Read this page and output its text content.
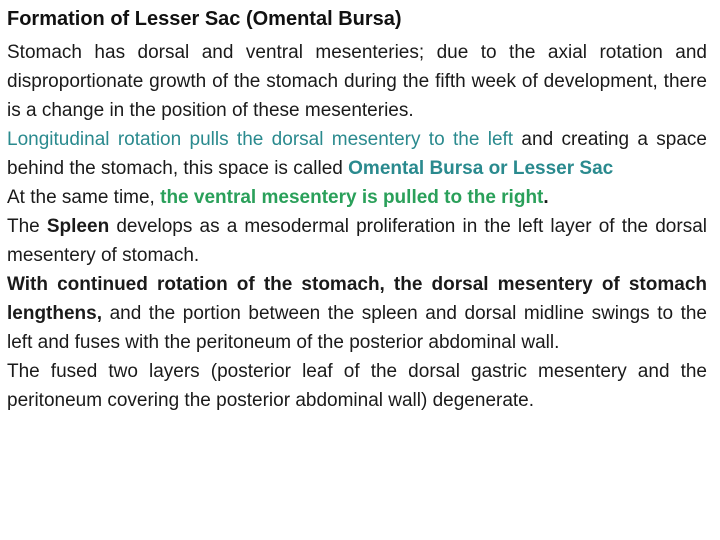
Formation of Lesser Sac (Omental Bursa)

Stomach has dorsal and ventral mesenteries; due to the axial rotation and disproportionate growth of the stomach during the fifth week of development, there is a change in the position of these mesenteries.

Longitudinal rotation pulls the dorsal mesentery to the left and creating a space behind the stomach, this space is called Omental Bursa or Lesser Sac

At the same time, the ventral mesentery is pulled to the right.

The Spleen develops as a mesodermal proliferation in the left layer of the dorsal mesentery of stomach.

With continued rotation of the stomach, the dorsal mesentery of stomach lengthens, and the portion between the spleen and dorsal midline swings to the left and fuses with the peritoneum of the posterior abdominal wall.

The fused two layers (posterior leaf of the dorsal gastric mesentery and the peritoneum covering the posterior abdominal wall) degenerate.
